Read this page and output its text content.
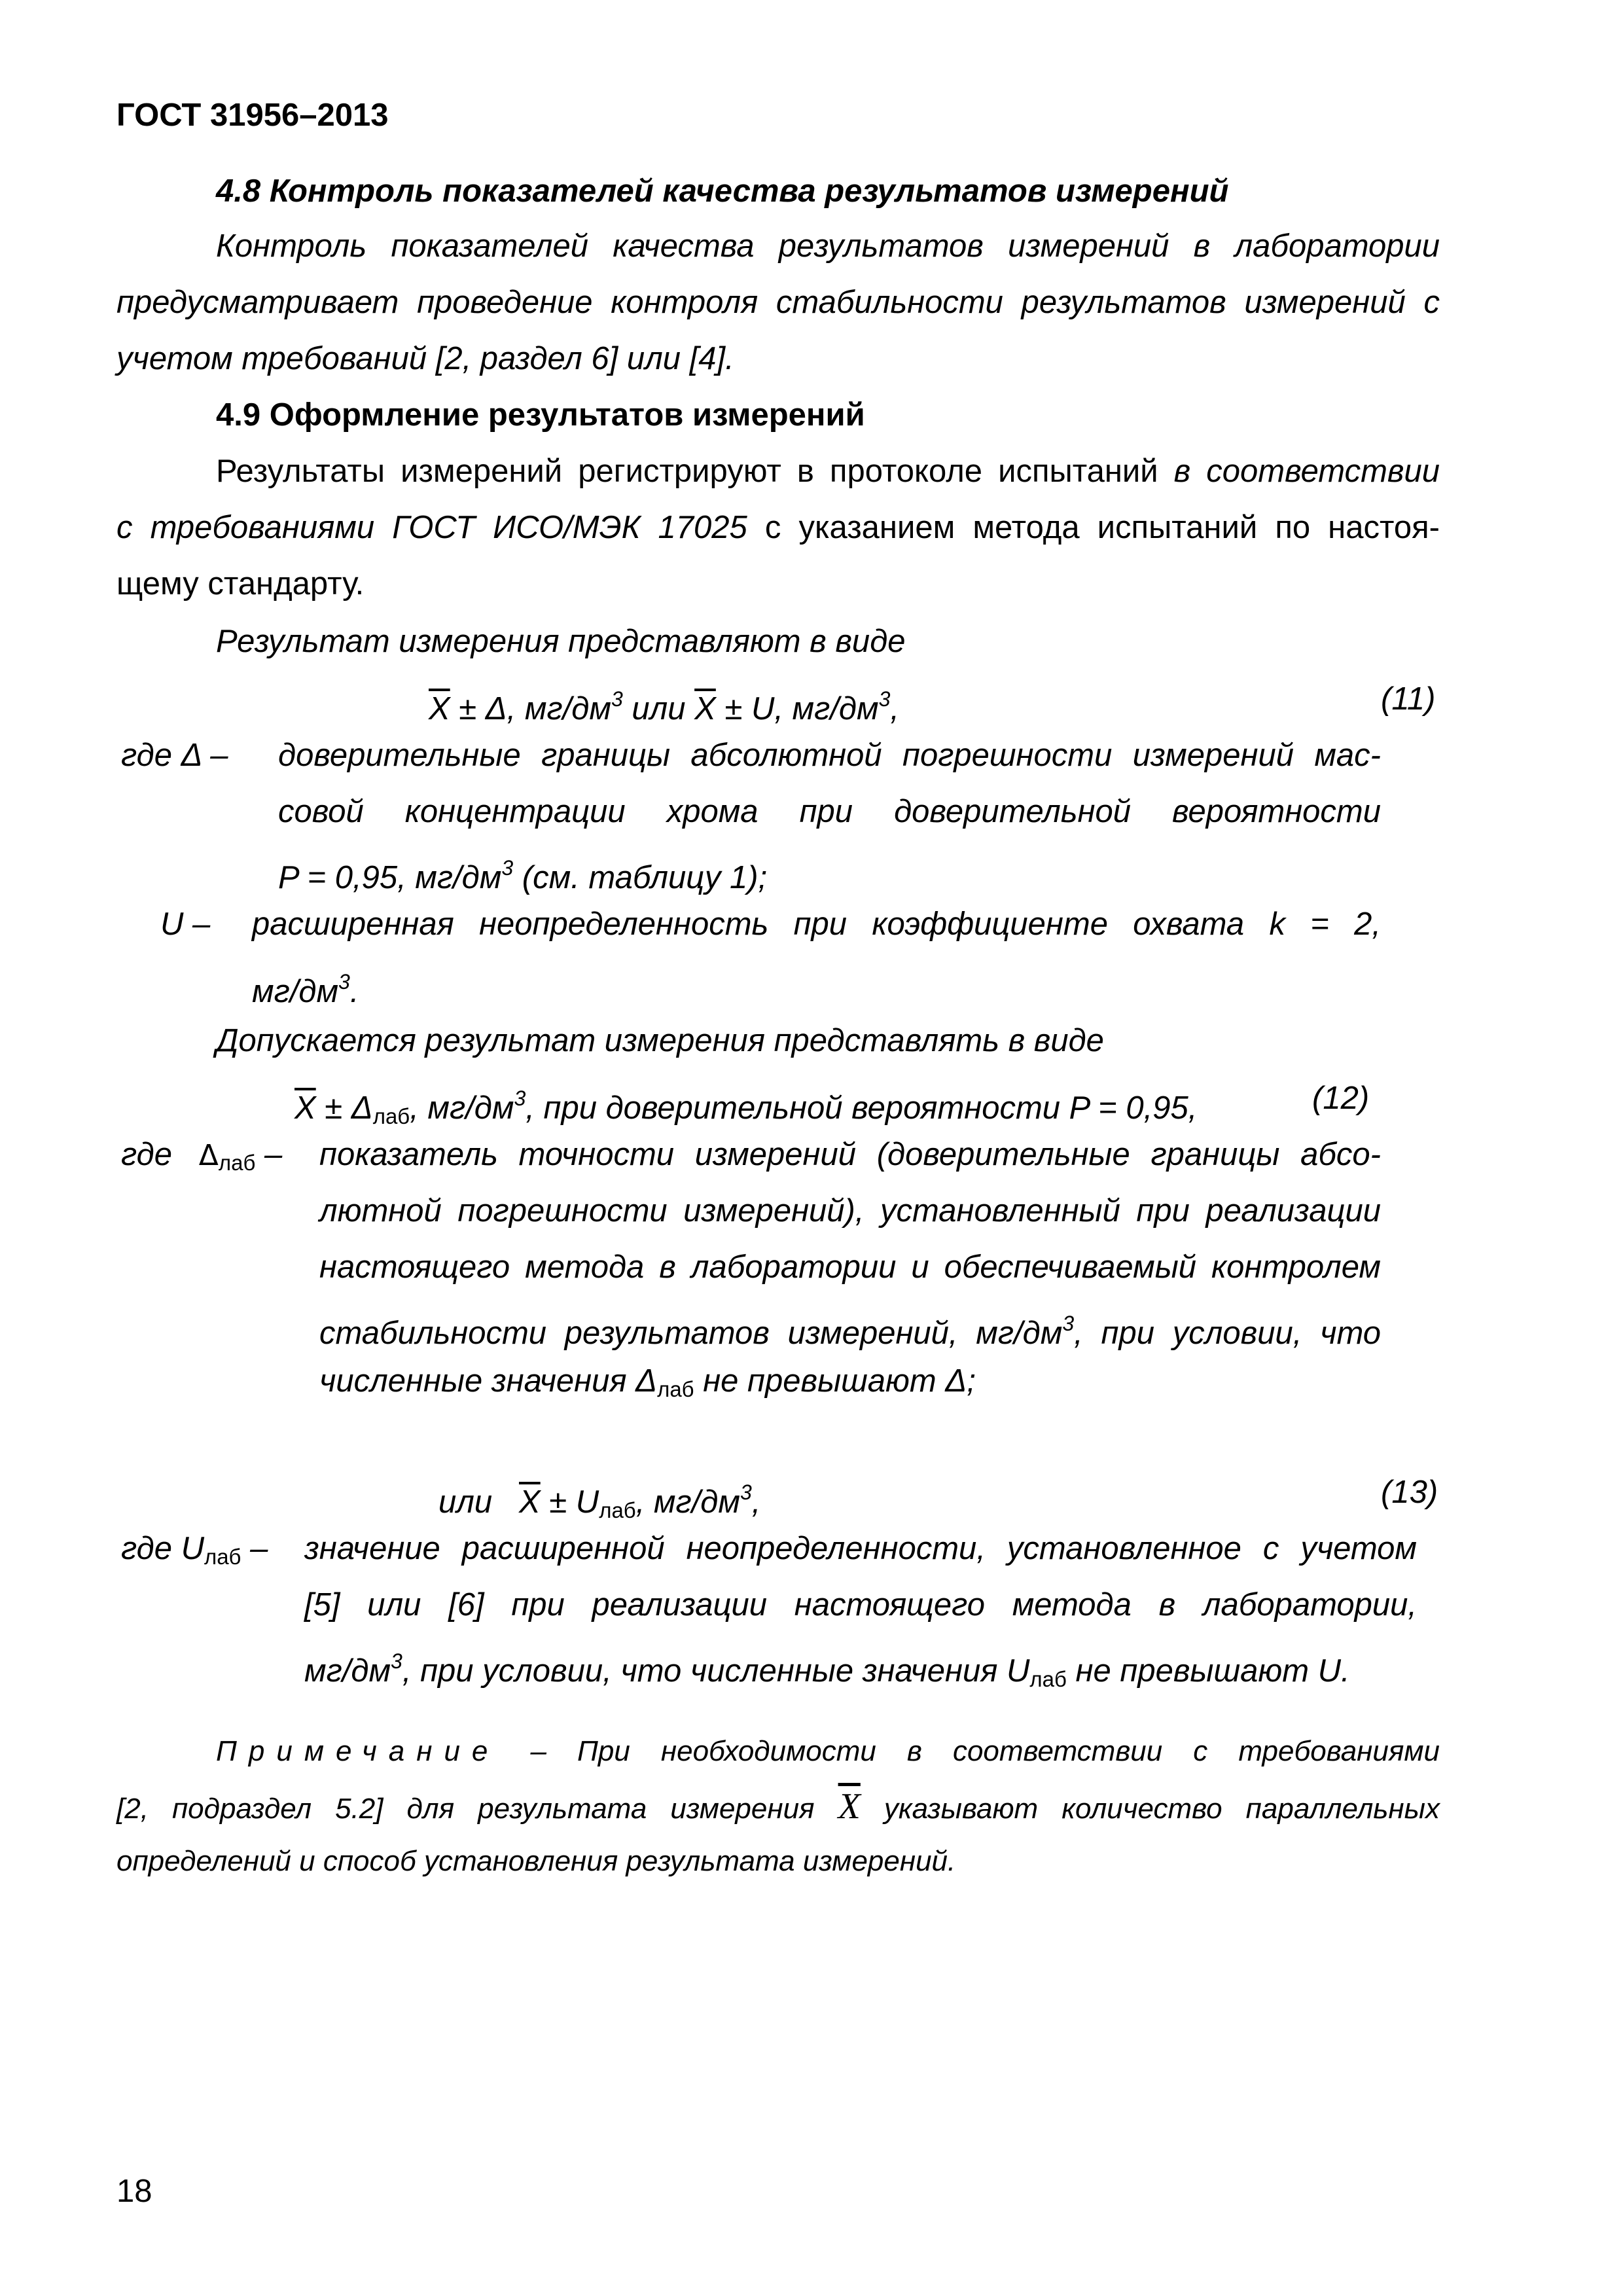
ГОСТ 31956–2013
4.8 Контроль показателей качества результатов измерений
Контроль показателей качества результатов измерений в лаборатории
предусматривает проведение контроля стабильности результатов измерений с
учетом требований [2, раздел 6] или [4].
4.9 Оформление результатов измерений
Результаты измерений регистрируют в протоколе испытаний в соответствии
с требованиями ГОСТ ИСО/МЭК 17025 с указанием метода испытаний по настоя-
щему стандарту.
Результат измерения представляют в виде
$\overline{X} \pm \Delta$, $мг/дм^3$ или $\overline{X} \pm U$, $мг/дм^3$,	(11)
где Δ – доверительные границы абсолютной погрешности измерений мас-
совой концентрации хрома при доверительной вероятности
P = 0,95, $мг/дм^3$ (см. таблицу 1);
U – расширенная неопределенность при коэффициенте охвата k = 2,
$мг/дм^3$.
Допускается результат измерения представлять в виде
$\overline{X} \pm \Delta_{лаб}$, $мг/дм^3$, при доверительной вероятности P = 0,95,	(12)
где $\Delta_{лаб}$ – показатель точности измерений (доверительные границы абсо-
лютной погрешности измерений), установленный при реализации
настоящего метода в лаборатории и обеспечиваемый контролем
стабильности результатов измерений, $мг/дм^3$, при условии, что
численные значения $\Delta_{лаб}$ не превышают Δ;
или $\overline{X} \pm U_{лаб}$, $мг/дм^3$,	(13)
где $U_{лаб}$ – значение расширенной неопределенности, установленное с учетом
[5] или [6] при реализации настоящего метода в лаборатории,
$мг/дм^3$, при условии, что численные значения $U_{лаб}$ не превышают U.
Примечание – При необходимости в соответствии с требованиями
[2, подраздел 5.2] для результата измерения $\overline{X}$ указывают количество параллельных
определений и способ установления результата измерений.
18
